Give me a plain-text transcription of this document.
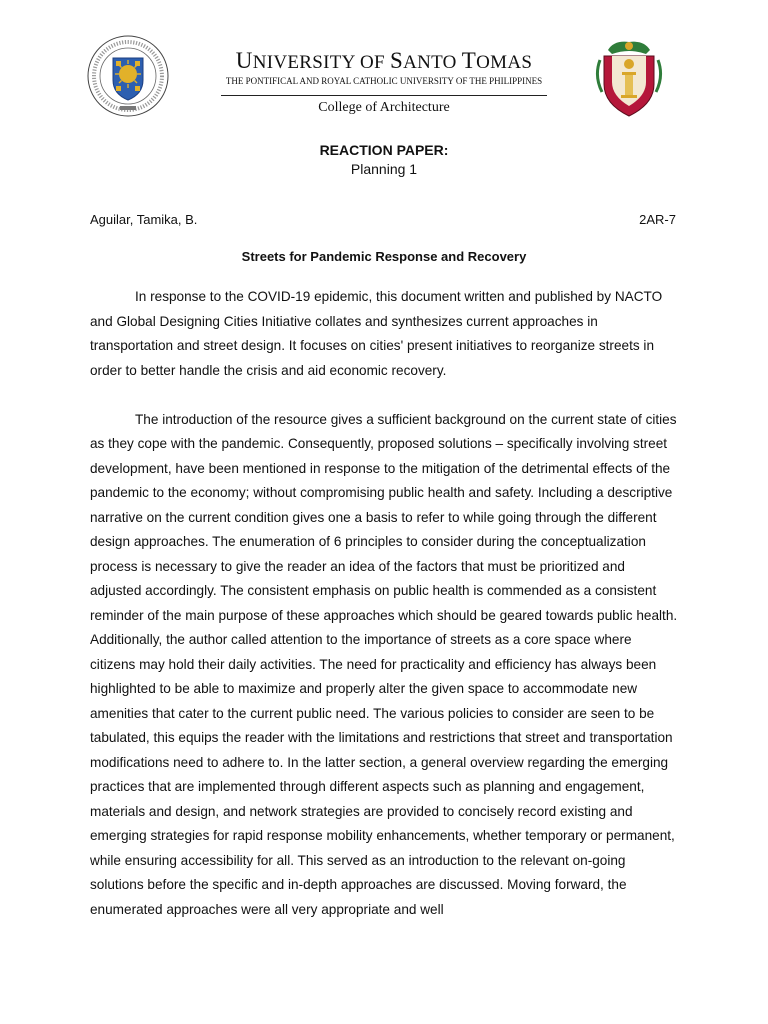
UNIVERSITY OF SANTO TOMAS
THE PONTIFICAL AND ROYAL CATHOLIC UNIVERSITY OF THE PHILIPPINES
College of Architecture
REACTION PAPER:
Planning 1
Aguilar, Tamika, B.	2AR-7
Streets for Pandemic Response and Recovery

In response to the COVID-19 epidemic, this document written and published by NACTO and Global Designing Cities Initiative collates and synthesizes current approaches in transportation and street design. It focuses on cities' present initiatives to reorganize streets in order to better handle the crisis and aid economic recovery.

The introduction of the resource gives a sufficient background on the current state of cities as they cope with the pandemic. Consequently, proposed solutions – specifically involving street development, have been mentioned in response to the mitigation of the detrimental effects of the pandemic to the economy; without compromising public health and safety. Including a descriptive narrative on the current condition gives one a basis to refer to while going through the different design approaches. The enumeration of 6 principles to consider during the conceptualization process is necessary to give the reader an idea of the factors that must be prioritized and adjusted accordingly. The consistent emphasis on public health is commended as a consistent reminder of the main purpose of these approaches which should be geared towards public health. Additionally, the author called attention to the importance of streets as a core space where citizens may hold their daily activities. The need for practicality and efficiency has always been highlighted to be able to maximize and properly alter the given space to accommodate new amenities that cater to the current public need. The various policies to consider are seen to be tabulated, this equips the reader with the limitations and restrictions that street and transportation modifications need to adhere to. In the latter section, a general overview regarding the emerging practices that are implemented through different aspects such as planning and engagement, materials and design, and network strategies are provided to concisely record existing and emerging strategies for rapid response mobility enhancements, whether temporary or permanent, while ensuring accessibility for all. This served as an introduction to the relevant on-going solutions before the specific and in-depth approaches are discussed. Moving forward, the enumerated approaches were all very appropriate and well
